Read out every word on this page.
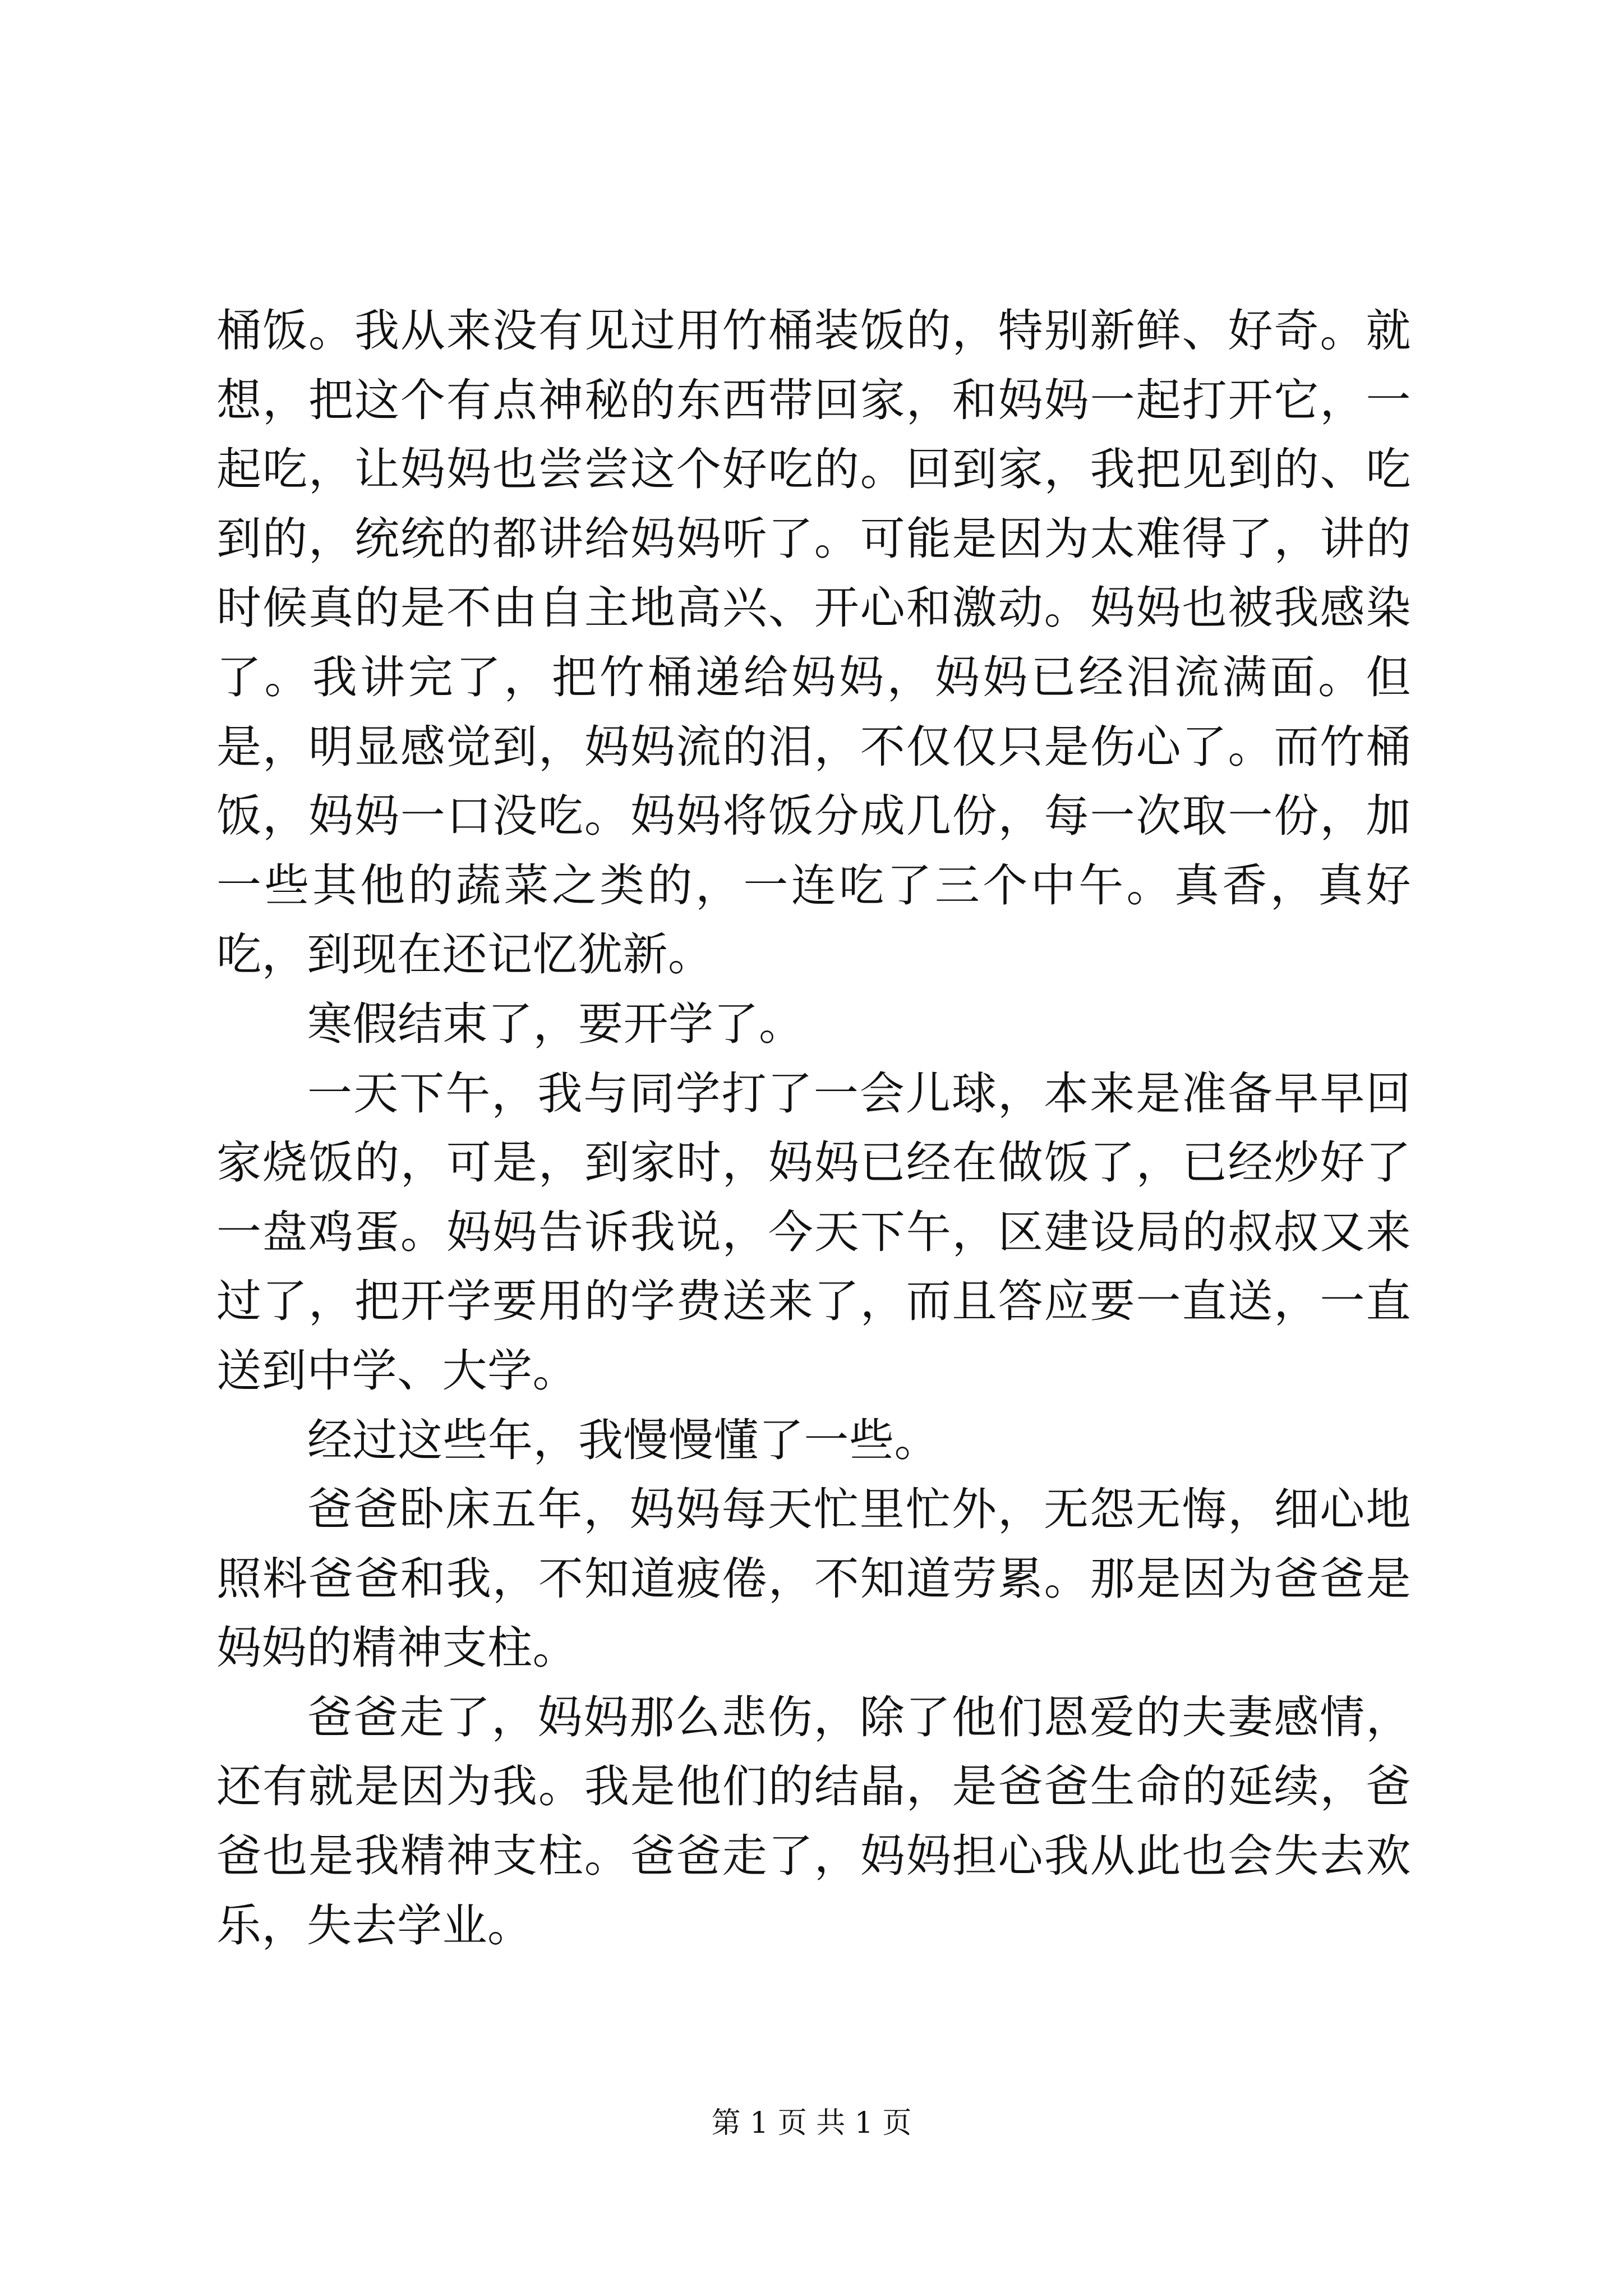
桶饭。我从来没有见过用竹桶装饭的，特别新鲜、好奇。就想，把这个有点神秘的东西带回家，和妈妈一起打开它，一起吃，让妈妈也尝尝这个好吃的。回到家，我把见到的、吃到的，统统的都讲给妈妈听了。可能是因为太难得了，讲的时候真的是不由自主地高兴、开心和激动。妈妈也被我感染了。我讲完了，把竹桶递给妈妈，妈妈已经泪流满面。但是，明显感觉到，妈妈流的泪，不仅仅只是伤心了。而竹桶饭，妈妈一口没吃。妈妈将饭分成几份，每一次取一份，加一些其他的蔬菜之类的，一连吃了三个中午。真香，真好吃，到现在还记忆犹新。

寒假结束了，要开学了。

一天下午，我与同学打了一会儿球，本来是准备早早回家烧饭的，可是，到家时，妈妈已经在做饭了，已经炒好了一盘鸡蛋。妈妈告诉我说，今天下午，区建设局的叔叔又来过了，把开学要用的学费送来了，而且答应要一直送，一直送到中学、大学。

经过这些年，我慢慢懂了一些。

爸爸卧床五年，妈妈每天忙里忙外，无怨无悔，细心地照料爸爸和我，不知道疲倦，不知道劳累。那是因为爸爸是妈妈的精神支柱。

爸爸走了，妈妈那么悲伤，除了他们恩爱的夫妻感情，还有就是因为我。我是他们的结晶，是爸爸生命的延续，爸爸也是我精神支柱。爸爸走了，妈妈担心我从此也会失去欢乐，失去学业。

第 1 页 共 1 页
